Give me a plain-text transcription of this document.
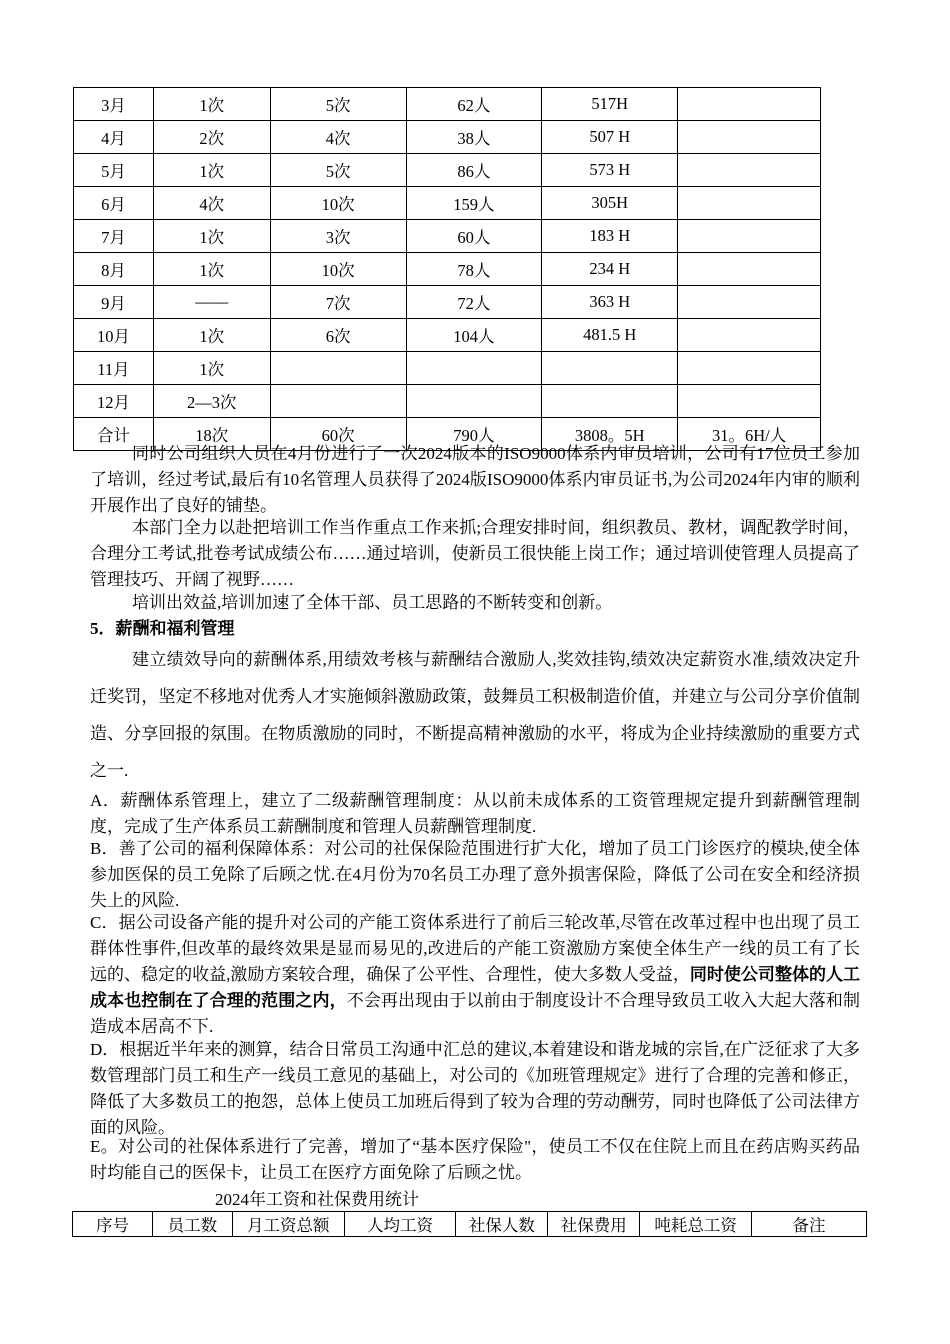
3月	1次	5次	62人	517H	
4月	2次	4次	38人	507 H	
5月	1次	5次	86人	573 H	
6月	4次	10次	159人	305H	
7月	1次	3次	60人	183 H	
8月	1次	10次	78人	234 H	
9月	——	7次	72人	363 H	
10月	1次	6次	104人	481.5 H	
11月	1次				
12月	2—3次				
合计	18次	60次	790人	3808。5H	31。6H/人

同时公司组织人员在4月份进行了一次2024版本的ISO9000体系内审员培训，公司有17位员工参加了培训，经过考试,最后有10名管理人员获得了2024版ISO9000体系内审员证书,为公司2024年内审的顺利开展作出了良好的铺垫。

本部门全力以赴把培训工作当作重点工作来抓;合理安排时间，组织教员、教材，调配教学时间，合理分工考试,批卷考试成绩公布……通过培训，使新员工很快能上岗工作；通过培训使管理人员提高了管理技巧、开阔了视野……

培训出效益,培训加速了全体干部、员工思路的不断转变和创新。

5．薪酬和福利管理

建立绩效导向的薪酬体系,用绩效考核与薪酬结合激励人,奖效挂钩,绩效决定薪资水准,绩效决定升迁奖罚，坚定不移地对优秀人才实施倾斜激励政策，鼓舞员工积极制造价值，并建立与公司分享价值制造、分享回报的氛围。在物质激励的同时，不断提高精神激励的水平，将成为企业持续激励的重要方式之一.

A．薪酬体系管理上，建立了二级薪酬管理制度：从以前未成体系的工资管理规定提升到薪酬管理制度，完成了生产体系员工薪酬制度和管理人员薪酬管理制度.

B．善了公司的福利保障体系：对公司的社保保险范围进行扩大化，增加了员工门诊医疗的模块,使全体参加医保的员工免除了后顾之忧.在4月份为70名员工办理了意外损害保险，降低了公司在安全和经济损失上的风险.

C．据公司设备产能的提升对公司的产能工资体系进行了前后三轮改革,尽管在改革过程中也出现了员工群体性事件,但改革的最终效果是显而易见的,改进后的产能工资激励方案使全体生产一线的员工有了长远的、稳定的收益,激励方案较合理，确保了公平性、合理性，使大多数人受益，同时使公司整体的人工成本也控制在了合理的范围之内，不会再出现由于以前由于制度设计不合理导致员工收入大起大落和制造成本居高不下.

D．根据近半年来的测算，结合日常员工沟通中汇总的建议,本着建设和谐龙城的宗旨,在广泛征求了大多数管理部门员工和生产一线员工意见的基础上，对公司的《加班管理规定》进行了合理的完善和修正，降低了大多数员工的抱怨，总体上使员工加班后得到了较为合理的劳动酬劳，同时也降低了公司法律方面的风险。

E。对公司的社保体系进行了完善，增加了“基本医疗保险"，使员工不仅在住院上而且在药店购买药品时均能自己的医保卡，让员工在医疗方面免除了后顾之忧。

2024年工资和社保费用统计

序号	员工数	月工资总额	人均工资	社保人数	社保费用	吨耗总工资	备注
